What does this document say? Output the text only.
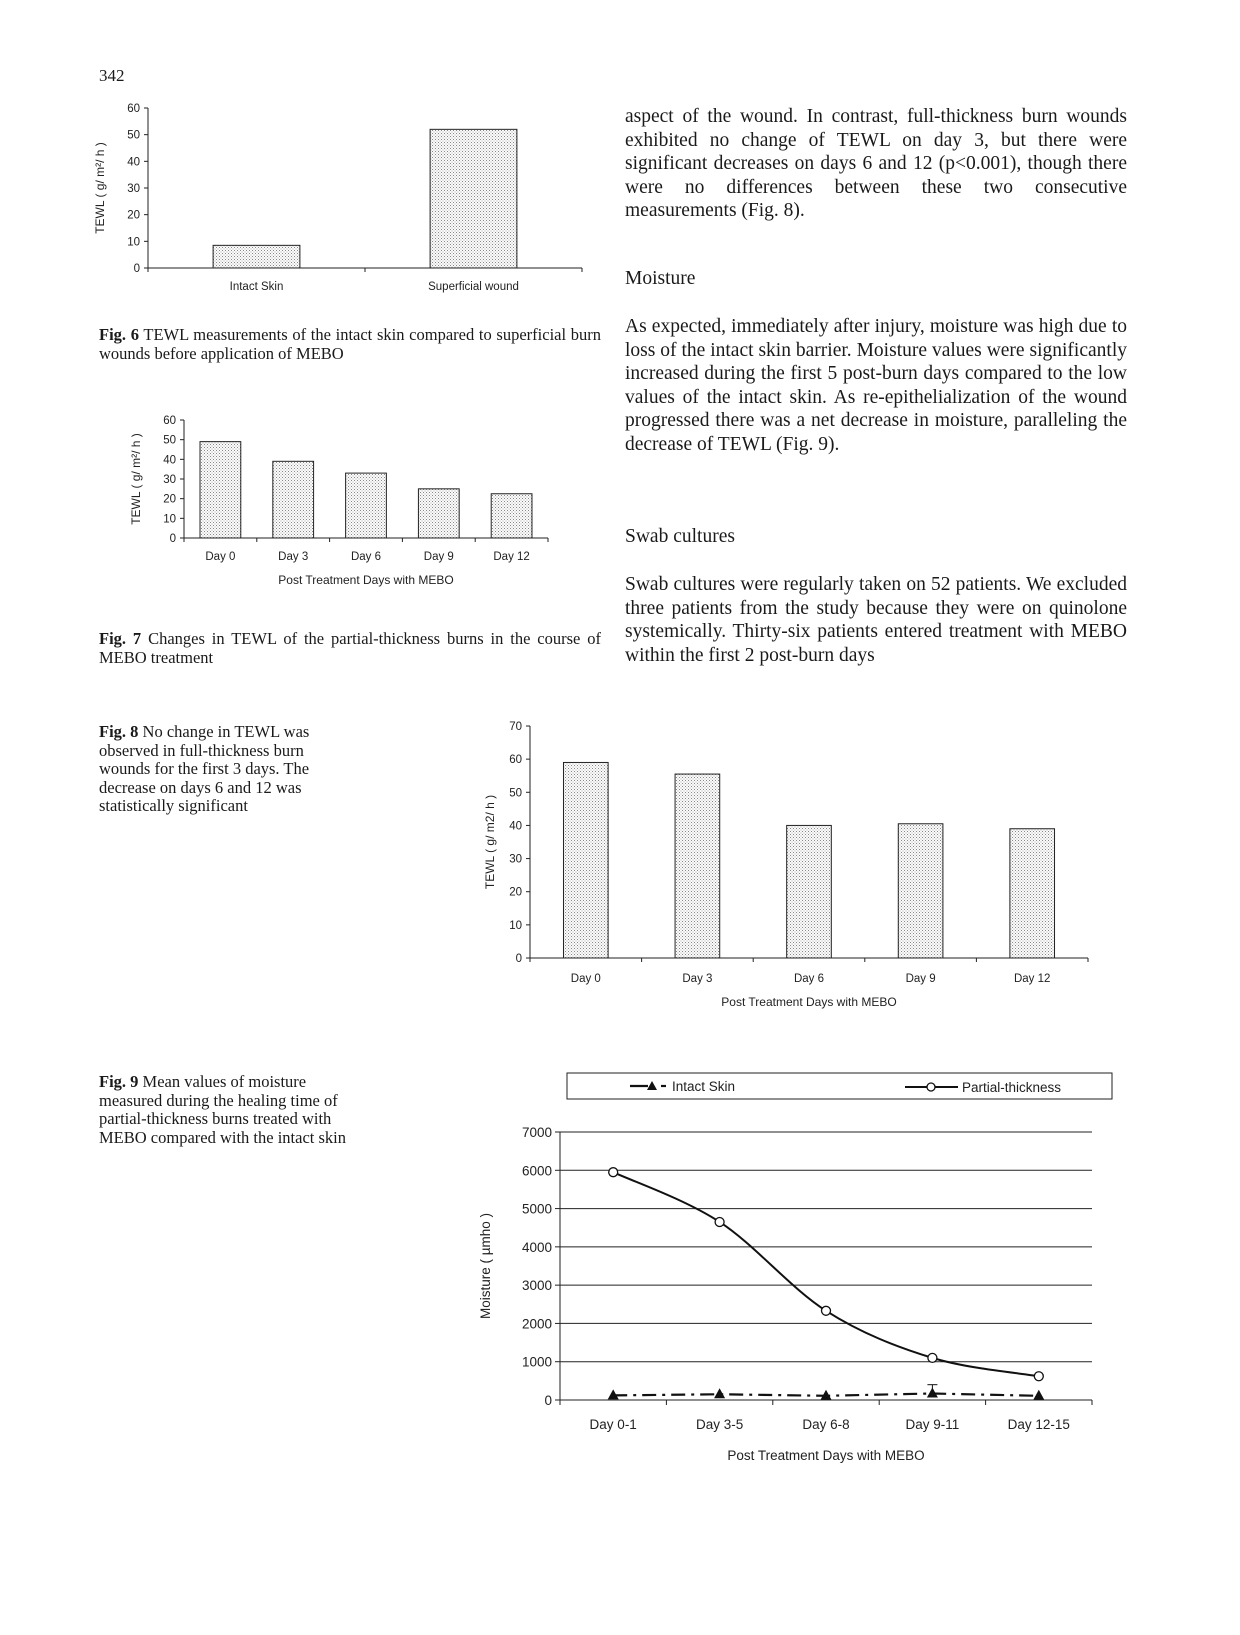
342
0
10
20
30
40
50
60
Intact Skin	Superficial wound
TEWL ( g/ m²/ h )

Fig. 6 TEWL measurements of the intact skin compared to superficial burn wounds before application of MEBO

0
10
20
30
40
50
60
Day 0	Day 3	Day 6	Day 9	Day 12
TEWL ( g/ m²/ h )
Post Treatment Days with MEBO

Fig. 7 Changes in TEWL of the partial-thickness burns in the course of MEBO treatment

aspect of the wound. In contrast, full-thickness burn wounds exhibited no change of TEWL on day 3, but there were significant decreases on days 6 and 12 (p<0.001), though there were no differences between these two consecutive measurements (Fig. 8).

Moisture

As expected, immediately after injury, moisture was high due to loss of the intact skin barrier. Moisture values were significantly increased during the first 5 post-burn days compared to the low values of the intact skin. As re-epithelialization of the wound progressed there was a net decrease in moisture, paralleling the decrease of TEWL (Fig. 9).

Swab cultures

Swab cultures were regularly taken on 52 patients. We excluded three patients from the study because they were on quinolone systemically. Thirty-six patients entered treatment with MEBO within the first 2 post-burn days

Fig. 8 No change in TEWL was observed in full-thickness burn wounds for the first 3 days. The decrease on days 6 and 12 was statistically significant

0
10
20
30
40
50
60
70
Day 0	Day 3	Day 6	Day 9	Day 12
TEWL ( g/ m2/ h )
Post Treatment Days with MEBO

Fig. 9 Mean values of moisture measured during the healing time of partial-thickness burns treated with MEBO compared with the intact skin

Intact Skin	Partial-thickness
0
1000
2000
3000
4000
5000
6000
7000
Day 0-1	Day 3-5	Day 6-8	Day 9-11	Day 12-15
Moisture ( µmho )
Post Treatment Days with MEBO
